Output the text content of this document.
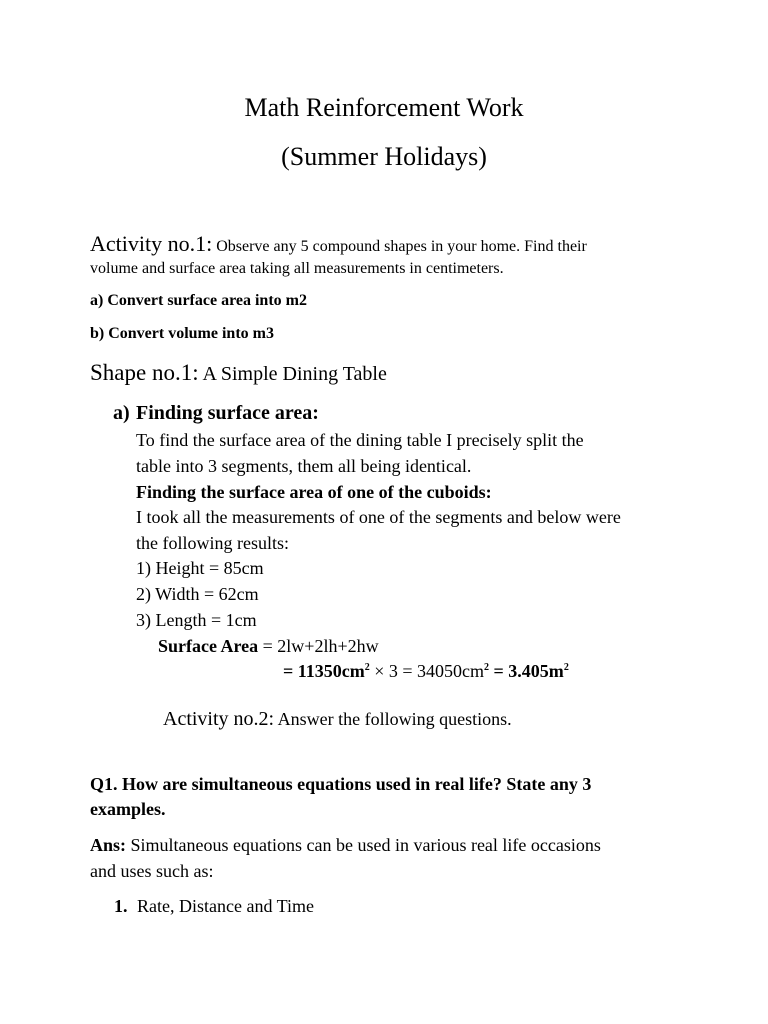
Math Reinforcement Work
(Summer Holidays)
Activity no.1: Observe any 5 compound shapes in your home. Find their
volume and surface area taking all measurements in centimeters.
a) Convert surface area into m2
b) Convert volume into m3
Shape no.1: A Simple Dining Table
a) Finding surface area:
To find the surface area of the dining table I precisely split the
table into 3 segments, them all being identical.
Finding the surface area of one of the cuboids:
I took all the measurements of one of the segments and below were
the following results:
1) Height = 85cm
2) Width = 62cm
3) Length = 1cm
Surface Area = 2lw+2lh+2hw
= $11350cm^2 \times 3 = 34050cm^2 = 3.405m^2$
Activity no.2: Answer the following questions.
Q1. How are simultaneous equations used in real life? State any 3
examples.
Ans: Simultaneous equations can be used in various real life occasions
and uses such as:
1. Rate, Distance and Time
